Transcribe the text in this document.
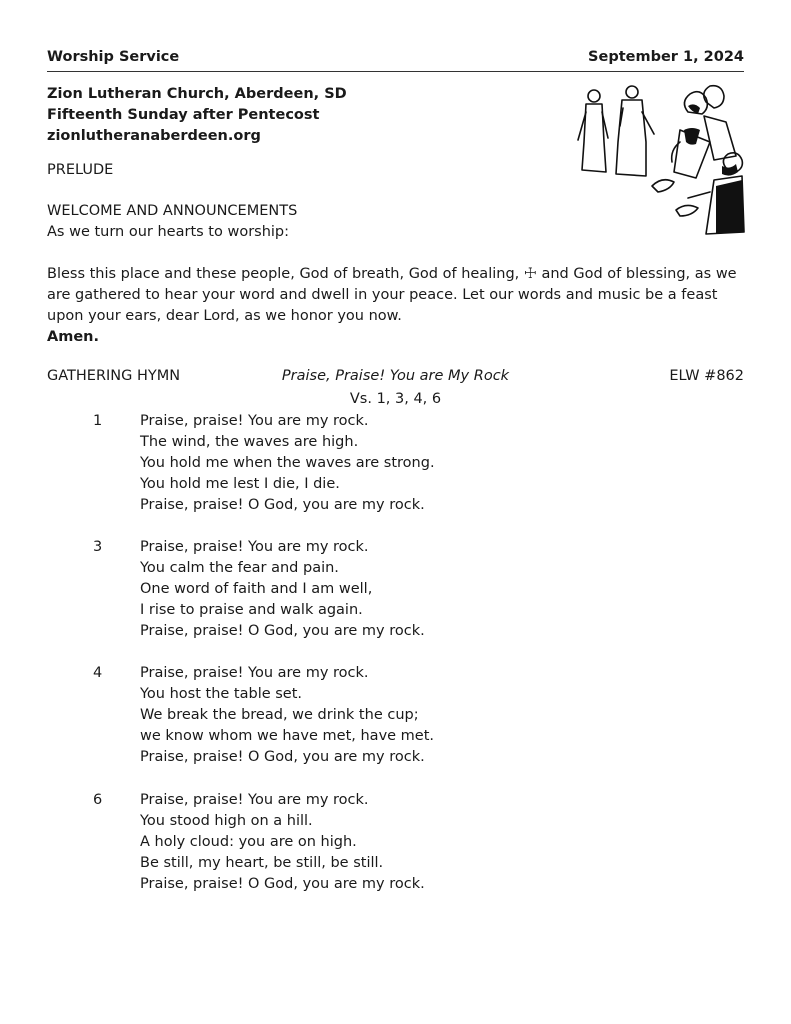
Worship Service	September 1, 2024
Zion Lutheran Church, Aberdeen, SD
Fifteenth Sunday after Pentecost
zionlutheranaberdeen.org
PRELUDE
WELCOME AND ANNOUNCEMENTS
As we turn our hearts to worship:
Bless this place and these people, God of breath, God of healing, ☩ and God of blessing, as we
are gathered to hear your word and dwell in your peace. Let our words and music be a feast
upon your ears, dear Lord, as we honor you now.
Amen.
GATHERING HYMN	Praise, Praise! You are My Rock	ELW #862
Vs. 1, 3, 4, 6
1	Praise, praise! You are my rock.
The wind, the waves are high.
You hold me when the waves are strong.
You hold me lest I die, I die.
Praise, praise! O God, you are my rock.
3	Praise, praise! You are my rock.
You calm the fear and pain.
One word of faith and I am well,
I rise to praise and walk again.
Praise, praise! O God, you are my rock.
4	Praise, praise! You are my rock.
You host the table set.
We break the bread, we drink the cup;
we know whom we have met, have met.
Praise, praise! O God, you are my rock.
6	Praise, praise! You are my rock.
You stood high on a hill.
A holy cloud: you are on high.
Be still, my heart, be still, be still.
Praise, praise! O God, you are my rock.
